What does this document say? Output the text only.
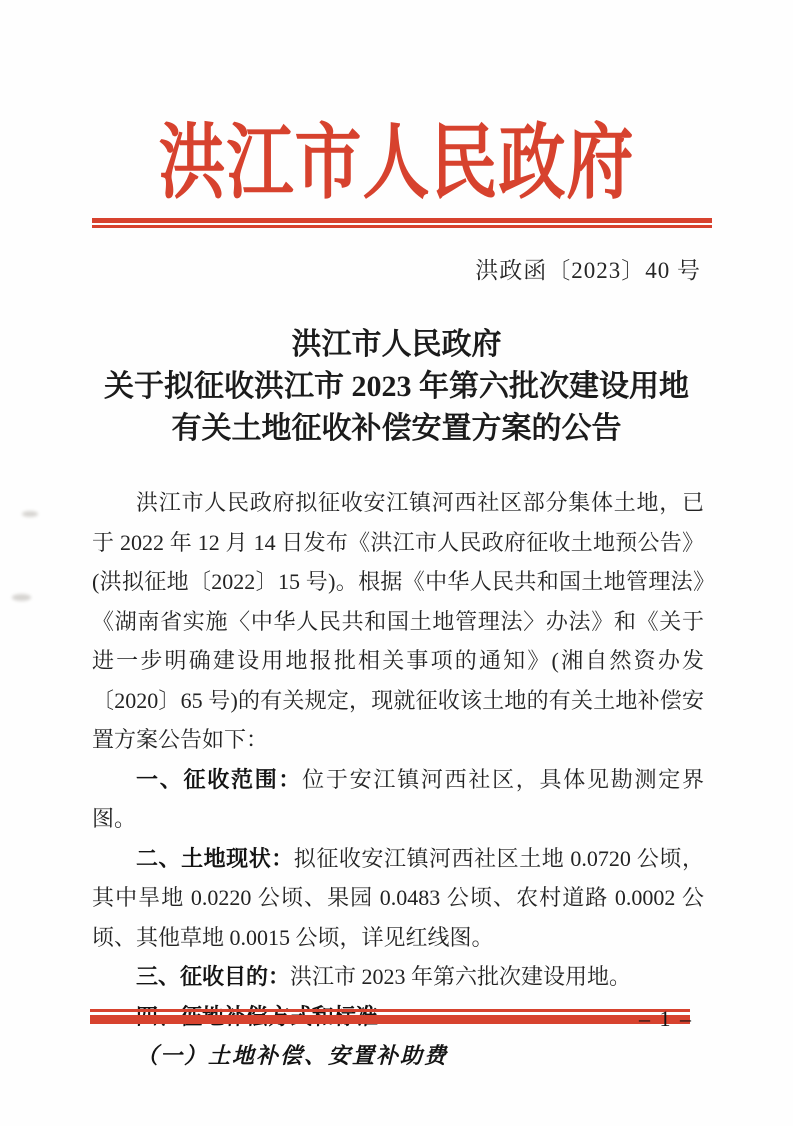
洪江市人民政府
洪政函〔2023〕40 号
洪江市人民政府
关于拟征收洪江市 2023 年第六批次建设用地
有关土地征收补偿安置方案的公告

洪江市人民政府拟征收安江镇河西社区部分集体土地，已于 2022 年 12 月 14 日发布《洪江市人民政府征收土地预公告》(洪拟征地〔2022〕15 号)。根据《中华人民共和国土地管理法》《湖南省实施〈中华人民共和国土地管理法〉办法》和《关于进一步明确建设用地报批相关事项的通知》(湘自然资办发〔2020〕65 号)的有关规定，现就征收该土地的有关土地补偿安置方案公告如下：

一、征收范围：位于安江镇河西社区，具体见勘测定界图。

二、土地现状：拟征收安江镇河西社区土地 0.0720 公顷，其中旱地 0.0220 公顷、果园 0.0483 公顷、农村道路 0.0002 公顷、其他草地 0.0015 公顷，详见红线图。

三、征收目的：洪江市 2023 年第六批次建设用地。

（一）土地补偿、安置补助费

– 1 –
